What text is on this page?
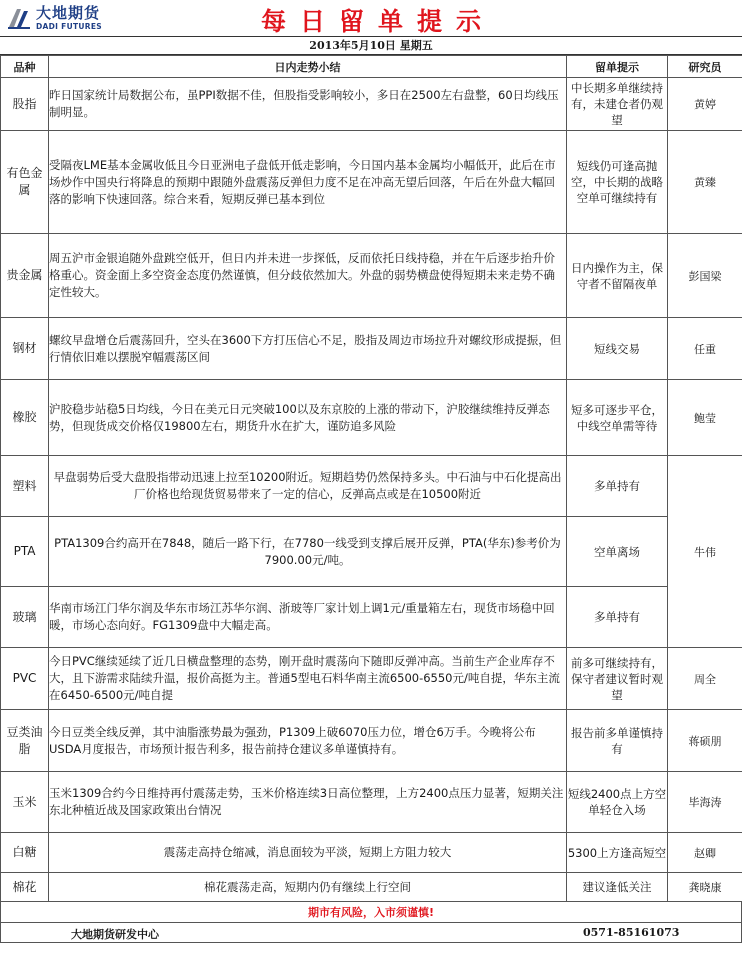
大地期货
DADI FUTURES	每日留单提示
2013年5月10日 星期五
品种	日内走势小结	留单提示	研究员
股指	昨日国家统计局数据公布，虽PPI数据不佳，但股指受影响较小，多日在2500左右盘整，60日均线压制明显。	中长期多单继续持有，未建仓者仍观望	黄婷
有色金属	受隔夜LME基本金属收低且今日亚洲电子盘低开低走影响，今日国内基本金属均小幅低开，此后在市场炒作中国央行将降息的预期中跟随外盘震荡反弹但力度不足在冲高无望后回落，午后在外盘大幅回落的影响下快速回落。综合来看，短期反弹已基本到位	短线仍可逢高抛空，中长期的战略空单可继续持有	黄臻
贵金属	周五沪市金银追随外盘跳空低开，但日内并未进一步探低，反而依托日线持稳，并在午后逐步抬升价格重心。资金面上多空资金态度仍然谨慎，但分歧依然加大。外盘的弱势横盘使得短期未来走势不确定性较大。	日内操作为主，保守者不留隔夜单	彭国梁
钢材	螺纹早盘增仓后震荡回升，空头在3600下方打压信心不足，股指及周边市场拉升对螺纹形成提振，但行情依旧难以摆脱窄幅震荡区间	短线交易	任重
橡胶	沪胶稳步站稳5日均线，今日在美元日元突破100以及东京胶的上涨的带动下，沪胶继续维持反弹态势，但现货成交价格仅19800左右，期货升水在扩大，谨防追多风险	短多可逐步平仓，中线空单需等待	鲍莹
塑料	早盘弱势后受大盘股指带动迅速上拉至10200附近。短期趋势仍然保持多头。中石油与中石化提高出厂价格也给现货贸易带来了一定的信心，反弹高点或是在10500附近	多单持有	牛伟
PTA	PTA1309合约高开在7848，随后一路下行，在7780一线受到支撑后展开反弹，PTA(华东)参考价为7900.00元/吨。	空单离场	
玻璃	华南市场江门华尔润及华东市场江苏华尔润、浙玻等厂家计划上调1元/重量箱左右，现货市场稳中回暖，市场心态向好。FG1309盘中大幅走高。	多单持有	
PVC	今日PVC继续延续了近几日横盘整理的态势，刚开盘时震荡向下随即反弹冲高。当前生产企业库存不大，且下游需求陆续升温，报价高挺为主。普通5型电石料华南主流6500-6550元/吨自提，华东主流在6450-6500元/吨自提	前多可继续持有，保守者建议暂时观望	周全
豆类油脂	今日豆类全线反弹，其中油脂涨势最为强劲，P1309上破6070压力位，增仓6万手。今晚将公布USDA月度报告，市场预计报告利多，报告前持仓建议多单谨慎持有。	报告前多单谨慎持有	蒋硕朋
玉米	玉米1309合约今日维持再付震荡走势，玉米价格连续3日高位整理，上方2400点压力显著，短期关注东北种植近战及国家政策出台情况	短线2400点上方空单轻仓入场	毕海涛
白糖	震荡走高持仓缩减，消息面较为平淡，短期上方阻力较大	5300上方逢高短空	赵卿
棉花	棉花震荡走高，短期内仍有继续上行空间	建议逢低关注	龚晓康
期市有风险，入市须谨慎!
大地期货研发中心	0571-85161073
